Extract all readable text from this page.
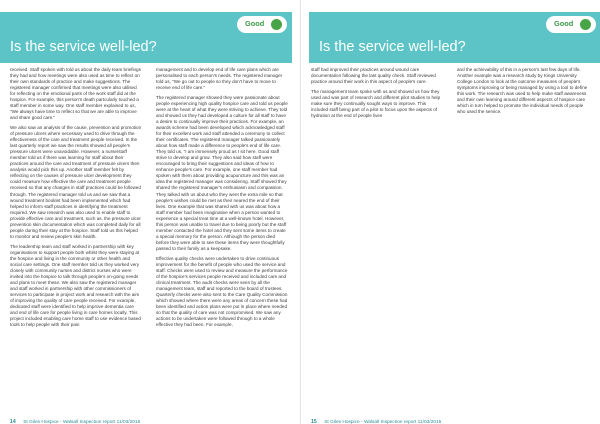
Good
Is the service well-led?

received. Staff spoken with told us about the daily team briefings they had and how meetings were also used as time to reflect on their own standards of practice and make suggestions. The registered manager confirmed that meetings were also utilised for reflecting on the emotional parts of the work staff did at the hospice. For example, this person's death partcularly touched a staff member in some way. One staff member explained to us, "We always have time to reflect so that we are able to improve and share good care."

We also saw an analysis of the cause, prevention and promotion of pressure ulcers where necessary used to drive through the effectiveness of the care and treatment people received. In the last quarterly report we saw the results showed all people's pressure ulcers were unavoidable. However, a nurse/staff member told us if there was learning for staff about their practices around the care and treatment of pressure ulcers then analysis would pick this up. Another staff member felt by reflecting on the causes of pressure ulcer development they could measure how effective the care and treatment people received so that any changes in staff practices could be followed through. The registered manager told us and we saw that a wound treatment booklet had been implemented which had helped to inform staff practices in identifying the treatment required. We saw research was also used to enable staff to provide effective care and treatment, such as, the pressure ulcer prevention skin documentation which was completed daily for all people during their stay at the hospice. Staff told us this helped to monitor and review people's skin health.

The leadership team and staff worked in partnership with key organisations to support people both whilst they were staying at the hospice and living in the community or other health and social care settings. One staff member told us they worked very closely with community nurses and district nurses who were invited into the hospice to talk through people's on-going needs and plans to meet these. We also saw the registered manager and staff worked in partnership with other commissioners of services to participate in project work and research with the aim of improving the quality of care people received. For example, dedicated staff were identified to help improve dementia care and end of life care for people living in care homes locally. This project included enabling care home staff to use evidence based tools to help people with their pain

management and to develop end of life care plans which are personalised to each person's needs. The registered manager told us, "We go out to people so they don't have to move to receive end of life care."

The registered manager showed they were passionate about people experiencing high quality hospice care and told us people were at the heart of what they were striving to achieve. They told and showed us they had developed a culture for all staff to have a desire to continually improve their practices. For example, an awards scheme had been developed which acknowledged staff for their excellent work and staff attended a ceremony to collect their certificates. The registered manager talked passionately about how staff made a difference to people's end of life care. They told us, "I am immensely proud as I sit here. Good staff strive to develop and grow. They also said how staff were encouraged to bring their suggestions and ideas of how to enhance people's care. For example, one staff member had spoken with them about providing acupuncture and this was an idea the registered manager was considering. Staff showed they shared the registered manager's enthusiasm and compassion. They talked with us about who they went the extra mile so that people's wishes could be met as their neared the end of their lives. One example that was shared with us was about how a staff member had been imaginative when a person wanted to experience a special treat time at a well-known hotel. However, this person was unable to travel due to being poorly but the staff member contacted the hotel and they sent some items to create a special memory for the person. Although the person died before they were able to see these items they were thoughtfully passed to their family as a keepsake.

Effective quality checks were undertaken to drive continuous improvement for the benefit of people who used the service and staff. Checks were used to review and measure the performance of the hospice's services people received and included care and clinical treatment. The audit checks were seen by all the management team, staff and reported to the board of trustees. Quarterly checks were also sent to the Care Quality Commission which showed where there were any areas of concern these had been identified and action plans were put in place where needed so that the quality of care was not compromised. We saw any actions to be undertaken were followed through to a whole effective they had been. For example,

14 St Giles Hospice - Walsall Inspection report 11/03/2015
Good
Is the service well-led?

staff had improved their practices around wound care documentation following the last quality check. Staff reviewed practice around their work in this aspect of people's care.

The management team spoke with us and showed us how they used and was part of research and different pilot studies to help make sure they continually sought ways to improve. This included staff being part of a pilot to focus upon the aspects of hydration at the end of people lives

and the achievability of this in a person's last few days of life. Another example was a research study by Kings University College London to look at the outcome measures of people's symptoms improving or being managed by using a tool to define this work. The research was used to help make staff awareness and their own learning around different aspects of hospice care which in turn helped to promote the individual needs of people who used the service.

15 St Giles Hospice - Walsall Inspection report 11/03/2015
